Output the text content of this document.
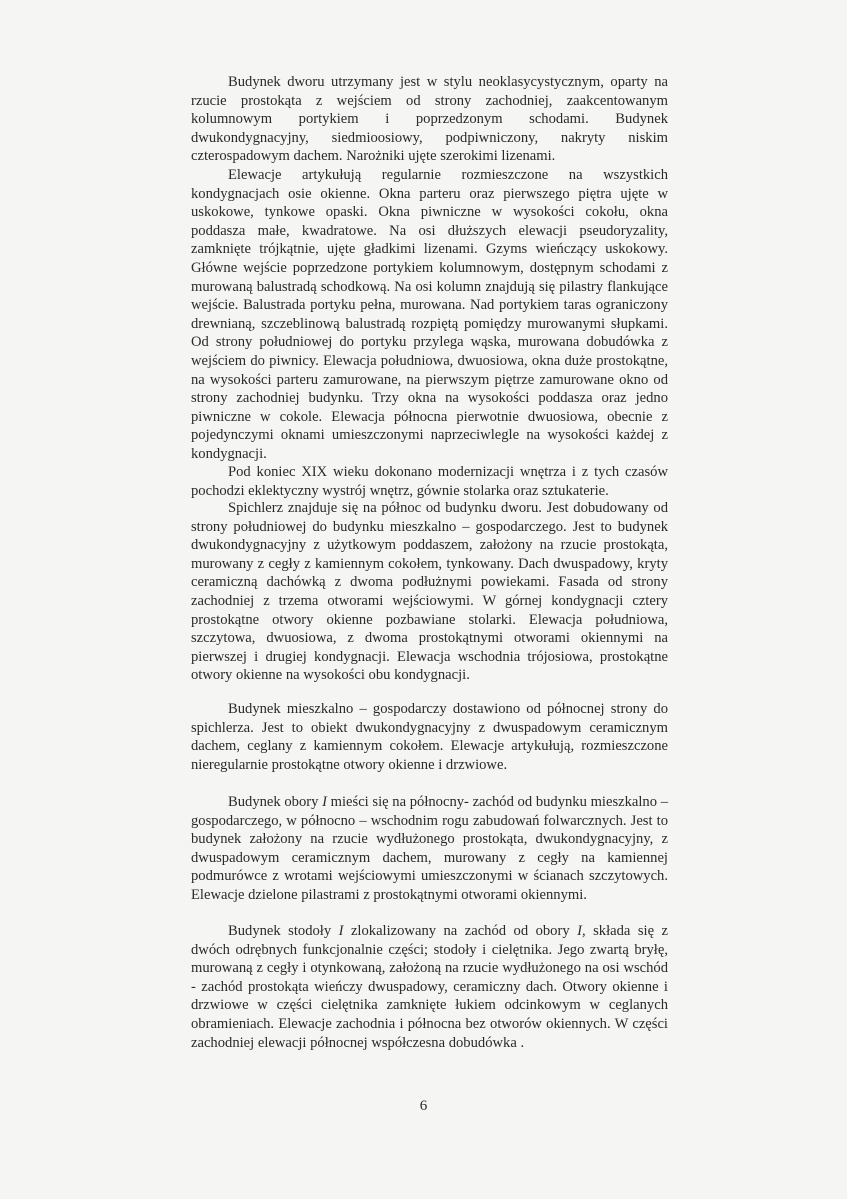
Budynek dworu utrzymany jest w stylu neoklasycystycznym, oparty na rzucie prostokąta z wejściem od strony zachodniej, zaakcentowanym kolumnowym portykiem i poprzedzonym schodami. Budynek dwukondygnacyjny, siedmioosiowy, podpiwniczony, nakryty niskim czterospadowym dachem. Narożniki ujęte szerokimi lizenami.

Elewacje artykułują regularnie rozmieszczone na wszystkich kondygnacjach osie okienne. Okna parteru oraz pierwszego piętra ujęte w uskokowe, tynkowe opaski. Okna piwniczne w wysokości cokołu, okna poddasza małe, kwadratowe. Na osi dłuższych elewacji pseudoryzality, zamknięte trójkątnie, ujęte gładkimi lizenami. Gzyms wieńczący uskokowy. Główne wejście poprzedzone portykiem kolumnowym, dostępnym schodami z murowaną balustradą schodkową. Na osi kolumn znajdują się pilastry flankujące wejście. Balustrada portyku pełna, murowana. Nad portykiem taras ograniczony drewnianą, szczeblinową balustradą rozpiętą pomiędzy murowanymi słupkami. Od strony południowej do portyku przylega wąska, murowana dobudówka z wejściem do piwnicy. Elewacja południowa, dwuosiowa, okna duże prostokątne, na wysokości parteru zamurowane, na pierwszym piętrze zamurowane okno od strony zachodniej budynku. Trzy okna na wysokości poddasza oraz jedno piwniczne w cokole. Elewacja północna pierwotnie dwuosiowa, obecnie z pojedynczymi oknami umieszczonymi naprzeciwlegle na wysokości każdej z kondygnacji.

Pod koniec XIX wieku dokonano modernizacji wnętrza i z tych czasów pochodzi eklektyczny wystrój wnętrz, gówniе stolarka oraz sztukaterie.

Spichlerz znajduje się na północ od budynku dworu. Jest dobudowany od strony południowej do budynku mieszkalno – gospodarczego. Jest to budynek dwukondygnacyjny z użytkowym poddaszem, założony na rzucie prostokąta, murowany z cegły z kamiennym cokołem, tynkowany. Dach dwuspadowy, kryty ceramiczną dachówką z dwoma podłużnymi powiekami. Fasada od strony zachodniej z trzema otworami wejściowymi. W górnej kondygnacji cztery prostokątne otwory okienne pozbawiane stolarki. Elewacja południowa, szczytowa, dwuosiowa, z dwoma prostokątnymi otworami okiennymi na pierwszej i drugiej kondygnacji. Elewacja wschodnia trójosiowa, prostokątne otwory okienne na wysokości obu kondygnacji.

Budynek mieszkalno – gospodarczy dostawiono od północnej strony do spichlerza. Jest to obiekt dwukondygnacyjny z dwuspadowym ceramicznym dachem, ceglany z kamiennym cokołem. Elewacje artykułują, rozmieszczone nieregularnie prostokątne otwory okienne i drzwiowe.

Budynek obory I mieści się na północny- zachód od budynku mieszkalno – gospodarczego, w północno – wschodnim rogu zabudowań folwarcznych. Jest to budynek założony na rzucie wydłużonego prostokąta, dwukondygnacyjny, z dwuspadowym ceramicznym dachem, murowany z cegły na kamiennej podmurówce z wrotami wejściowymi umieszczonymi w ścianach szczytowych. Elewacje dzielone pilastrami z prostokątnymi otworami okiennymi.

Budynek stodoły I zlokalizowany na zachód od obory I, składa się z dwóch odrębnych funkcjonalnie części; stodoły i cielętnika. Jego zwartą bryłę, murowaną z cegły i otynkowaną, założoną na rzucie wydłużonego na osi wschód - zachód prostokąta wieńczy dwuspadowy, ceramiczny dach. Otwory okienne i drzwiowe w części cielętnika zamknięte łukiem odcinkowym w ceglanych obramieniach. Elewacje zachodnia i północna bez otworów okiennych. W części zachodniej elewacji północnej współczesna dobudówka .

6
